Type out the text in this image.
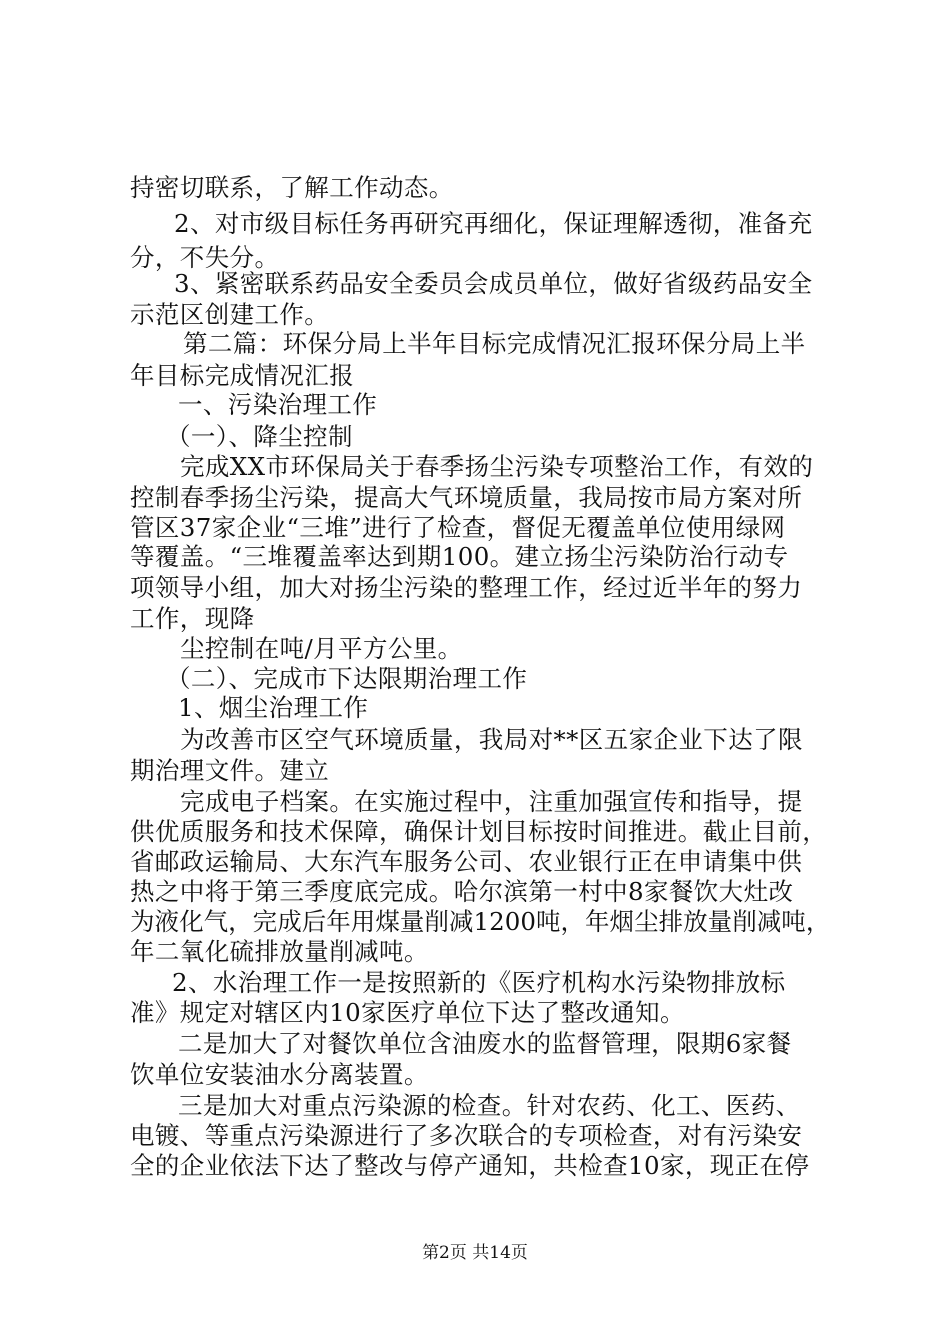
持密切联系，了解工作动态。
2、对市级目标任务再研究再细化，保证理解透彻，准备充
分，不失分。
3、紧密联系药品安全委员会成员单位，做好省级药品安全
示范区创建工作。
第二篇：环保分局上半年目标完成情况汇报环保分局上半
年目标完成情况汇报
一、污染治理工作
（一）、降尘控制
完成XX市环保局关于春季扬尘污染专项整治工作，有效的
控制春季扬尘污染，提高大气环境质量，我局按市局方案对所
管区37家企业“三堆”进行了检查，督促无覆盖单位使用绿网
等覆盖。“三堆覆盖率达到期100。建立扬尘污染防治行动专
项领导小组，加大对扬尘污染的整理工作，经过近半年的努力
工作，现降
尘控制在吨/月平方公里。
（二）、完成市下达限期治理工作
1、烟尘治理工作
为改善市区空气环境质量，我局对**区五家企业下达了限
期治理文件。建立
完成电子档案。在实施过程中，注重加强宣传和指导，提
供优质服务和技术保障，确保计划目标按时间推进。截止目前，
省邮政运输局、大东汽车服务公司、农业银行正在申请集中供
热之中将于第三季度底完成。哈尔滨第一村中8家餐饮大灶改
为液化气，完成后年用煤量削减1200吨，年烟尘排放量削减吨，
年二氧化硫排放量削减吨。
2、水治理工作一是按照新的《医疗机构水污染物排放标
准》规定对辖区内10家医疗单位下达了整改通知。
二是加大了对餐饮单位含油废水的监督管理，限期6家餐
饮单位安装油水分离装置。
三是加大对重点污染源的检查。针对农药、化工、医药、
电镀、等重点污染源进行了多次联合的专项检查，对有污染安
全的企业依法下达了整改与停产通知，共检查10家，现正在停
第2页 共14页
